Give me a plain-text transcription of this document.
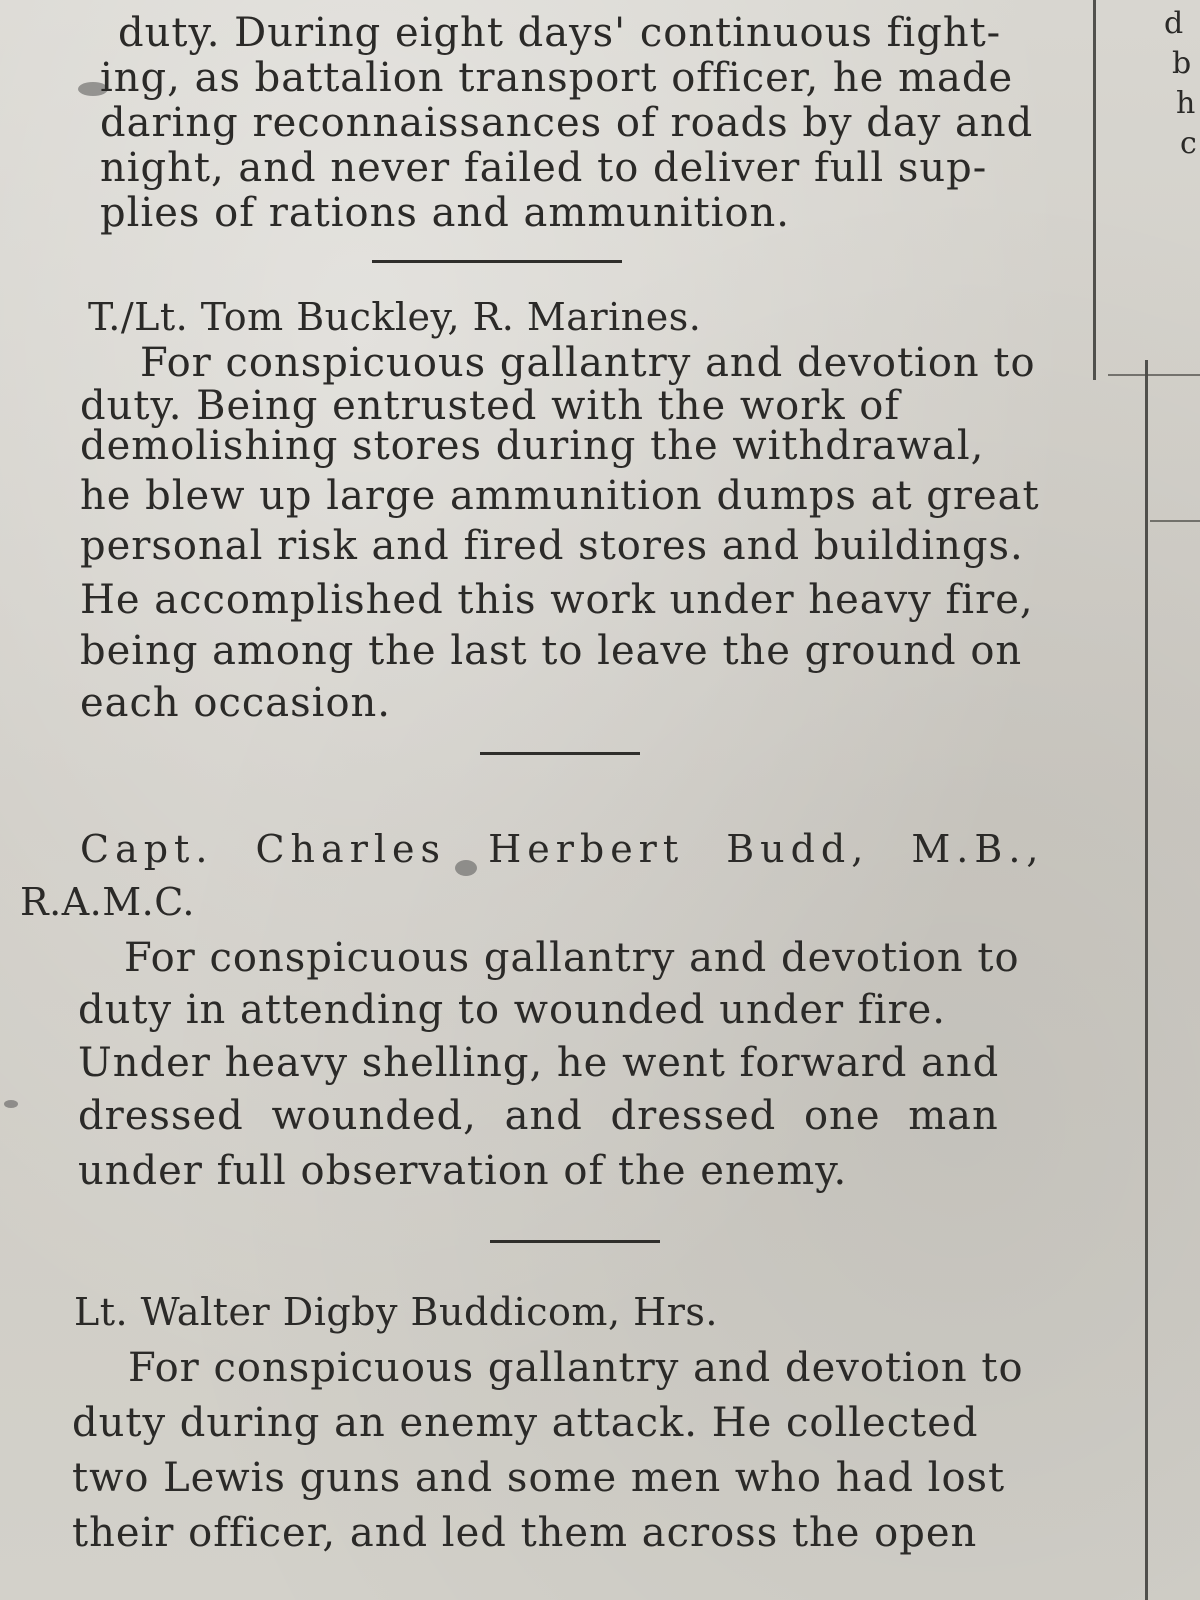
d
b
h
c
duty. During eight days' continuous fight-
ing, as battalion transport officer, he made
daring reconnaissances of roads by day and
night, and never failed to deliver full sup-
plies of rations and ammunition.
T./Lt. Tom Buckley, R. Marines.
For conspicuous gallantry and devotion to
duty. Being entrusted with the work of
demolishing stores during the withdrawal,
he blew up large ammunition dumps at great
personal risk and fired stores and buildings.
He accomplished this work under heavy fire,
being among the last to leave the ground on
each occasion.
Capt. Charles Herbert Budd, M.B.,
R.A.M.C.
For conspicuous gallantry and devotion to
duty in attending to wounded under fire.
Under heavy shelling, he went forward and
dressed wounded, and dressed one man
under full observation of the enemy.
Lt. Walter Digby Buddicom, Hrs.
For conspicuous gallantry and devotion to
duty during an enemy attack. He collected
two Lewis guns and some men who had lost
their officer, and led them across the open
